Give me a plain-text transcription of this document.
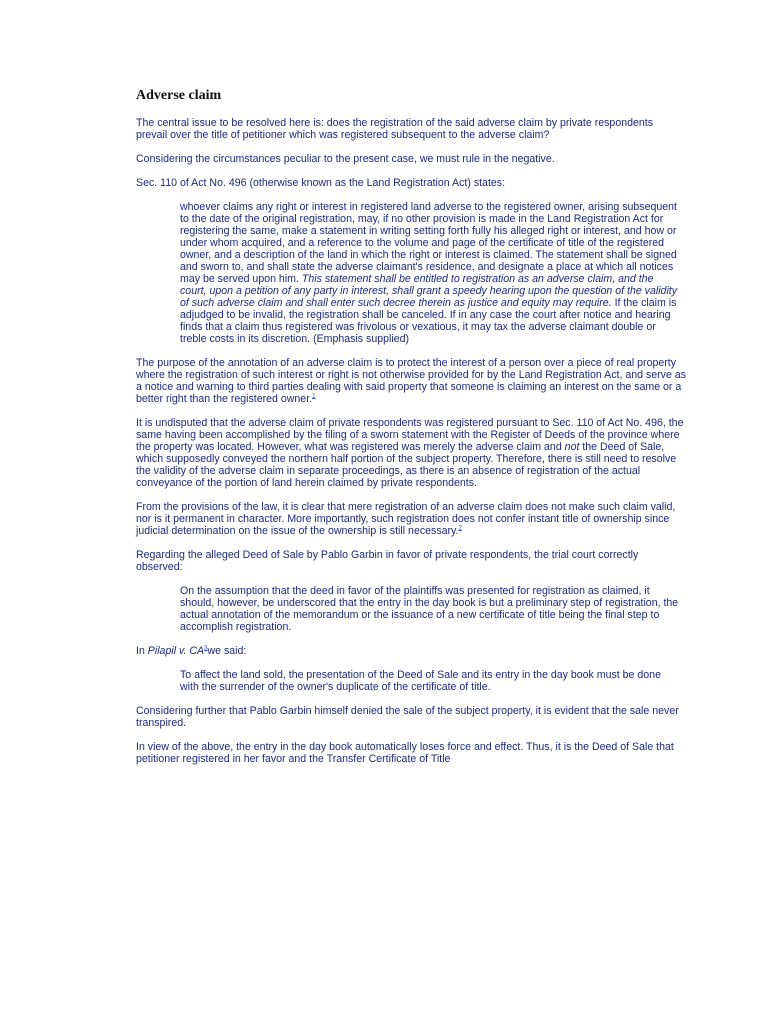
Adverse claim

The central issue to be resolved here is: does the registration of the said adverse claim by private respondents prevail over the title of petitioner which was registered subsequent to the adverse claim?

Considering the circumstances peculiar to the present case, we must rule in the negative.

Sec. 110 of Act No. 496 (otherwise known as the Land Registration Act) states:

whoever claims any right or interest in registered land adverse to the registered owner, arising subsequent to the date of the original registration, may, if no other provision is made in the Land Registration Act for registering the same, make a statement in writing setting forth fully his alleged right or interest, and how or under whom acquired, and a reference to the volume and page of the certificate of title of the registered owner, and a description of the land in which the right or interest is claimed. The statement shall be signed and sworn to, and shall state the adverse claimant's residence, and designate a place at which all notices may be served upon him. This statement shall be entitled to registration as an adverse claim, and the court, upon a petition of any party in interest, shall grant a speedy hearing upon the question of the validity of such adverse claim and shall enter such decree therein as justice and equity may require. If the claim is adjudged to be invalid, the registration shall be canceled. If in any case the court after notice and hearing finds that a claim thus registered was frivolous or vexatious, it may tax the adverse claimant double or treble costs in its discretion. (Emphasis supplied)

The purpose of the annotation of an adverse claim is to protect the interest of a person over a piece of real property where the registration of such interest or right is not otherwise provided for by the Land Registration Act, and serve as a notice and warning to third parties dealing with said property that someone is claiming an interest on the same or a better right than the registered owner.$^1$

It is undisputed that the adverse claim of private respondents was registered pursuant to Sec. 110 of Act No. 496, the same having been accomplished by the filing of a sworn statement with the Register of Deeds of the province where the property was located. However, what was registered was merely the adverse claim and not the Deed of Sale, which supposedly conveyed the northern half portion of the subject property. Therefore, there is still need to resolve the validity of the adverse claim in separate proceedings, as there is an absence of registration of the actual conveyance of the portion of land herein claimed by private respondents.

From the provisions of the law, it is clear that mere registration of an adverse claim does not make such claim valid, nor is it permanent in character. More importantly, such registration does not confer instant title of ownership since judicial determination on the issue of the ownership is still necessary.$^2$

Regarding the alleged Deed of Sale by Pablo Garbin in favor of private respondents, the trial court correctly observed:

On the assumption that the deed in favor of the plaintiffs was presented for registration as claimed, it should, however, be underscored that the entry in the day book is but a preliminary step of registration, the actual annotation of the memorandum or the issuance of a new certificate of title being the final step to accomplish registration.

In Pilapil v. CA$^3$we said:

To affect the land sold, the presentation of the Deed of Sale and its entry in the day book must be done with the surrender of the owner's duplicate of the certificate of title.

Considering further that Pablo Garbin himself denied the sale of the subject property, it is evident that the sale never transpired.

In view of the above, the entry in the day book automatically loses force and effect. Thus, it is the Deed of Sale that petitioner registered in her favor and the Transfer Certificate of Title
